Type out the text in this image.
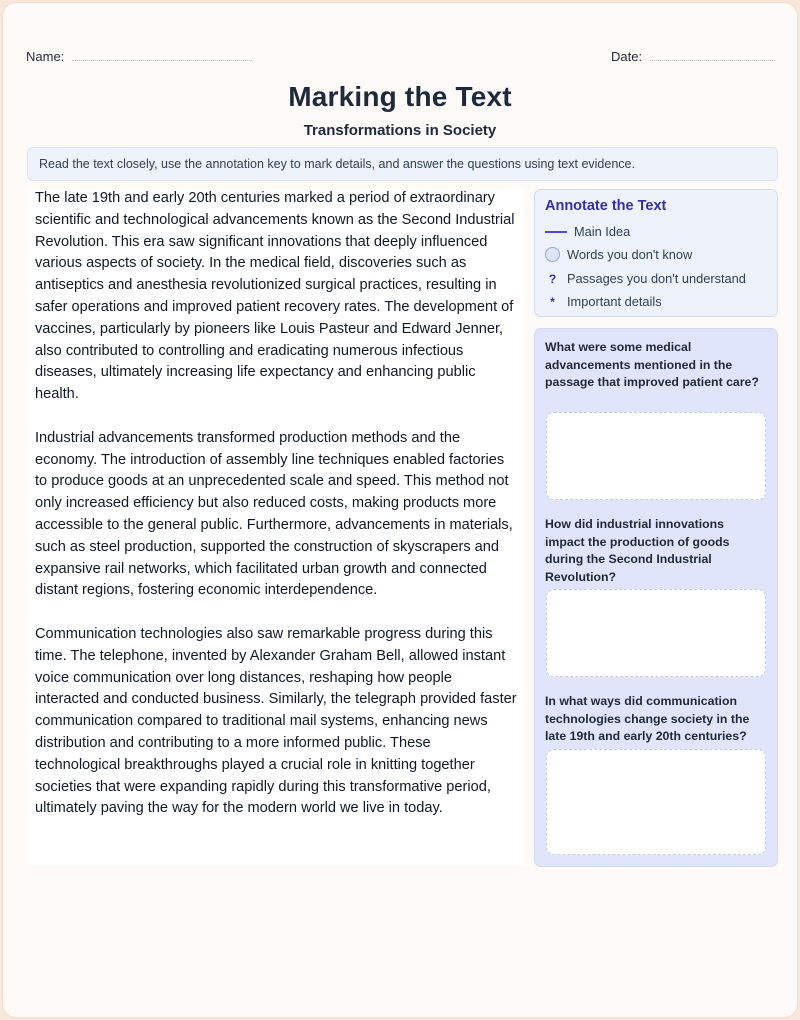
Name:	Date:
Marking the Text
Transformations in Society
Read the text closely, use the annotation key to mark details, and answer the questions using text evidence.

The late 19th and early 20th centuries marked a period of extraordinary scientific and technological advancements known as the Second Industrial Revolution. This era saw significant innovations that deeply influenced various aspects of society. In the medical field, discoveries such as antiseptics and anesthesia revolutionized surgical practices, resulting in safer operations and improved patient recovery rates. The development of vaccines, particularly by pioneers like Louis Pasteur and Edward Jenner, also contributed to controlling and eradicating numerous infectious diseases, ultimately increasing life expectancy and enhancing public health.

Industrial advancements transformed production methods and the economy. The introduction of assembly line techniques enabled factories to produce goods at an unprecedented scale and speed. This method not only increased efficiency but also reduced costs, making products more accessible to the general public. Furthermore, advancements in materials, such as steel production, supported the construction of skyscrapers and expansive rail networks, which facilitated urban growth and connected distant regions, fostering economic interdependence.

Communication technologies also saw remarkable progress during this time. The telephone, invented by Alexander Graham Bell, allowed instant voice communication over long distances, reshaping how people interacted and conducted business. Similarly, the telegraph provided faster communication compared to traditional mail systems, enhancing news distribution and contributing to a more informed public. These technological breakthroughs played a crucial role in knitting together societies that were expanding rapidly during this transformative period, ultimately paving the way for the modern world we live in today.

Annotate the Text
Main Idea
Words you don't know
? Passages you don't understand
* Important details
What were some medical advancements mentioned in the passage that improved patient care?
How did industrial innovations impact the production of goods during the Second Industrial Revolution?
In what ways did communication technologies change society in the late 19th and early 20th centuries?
